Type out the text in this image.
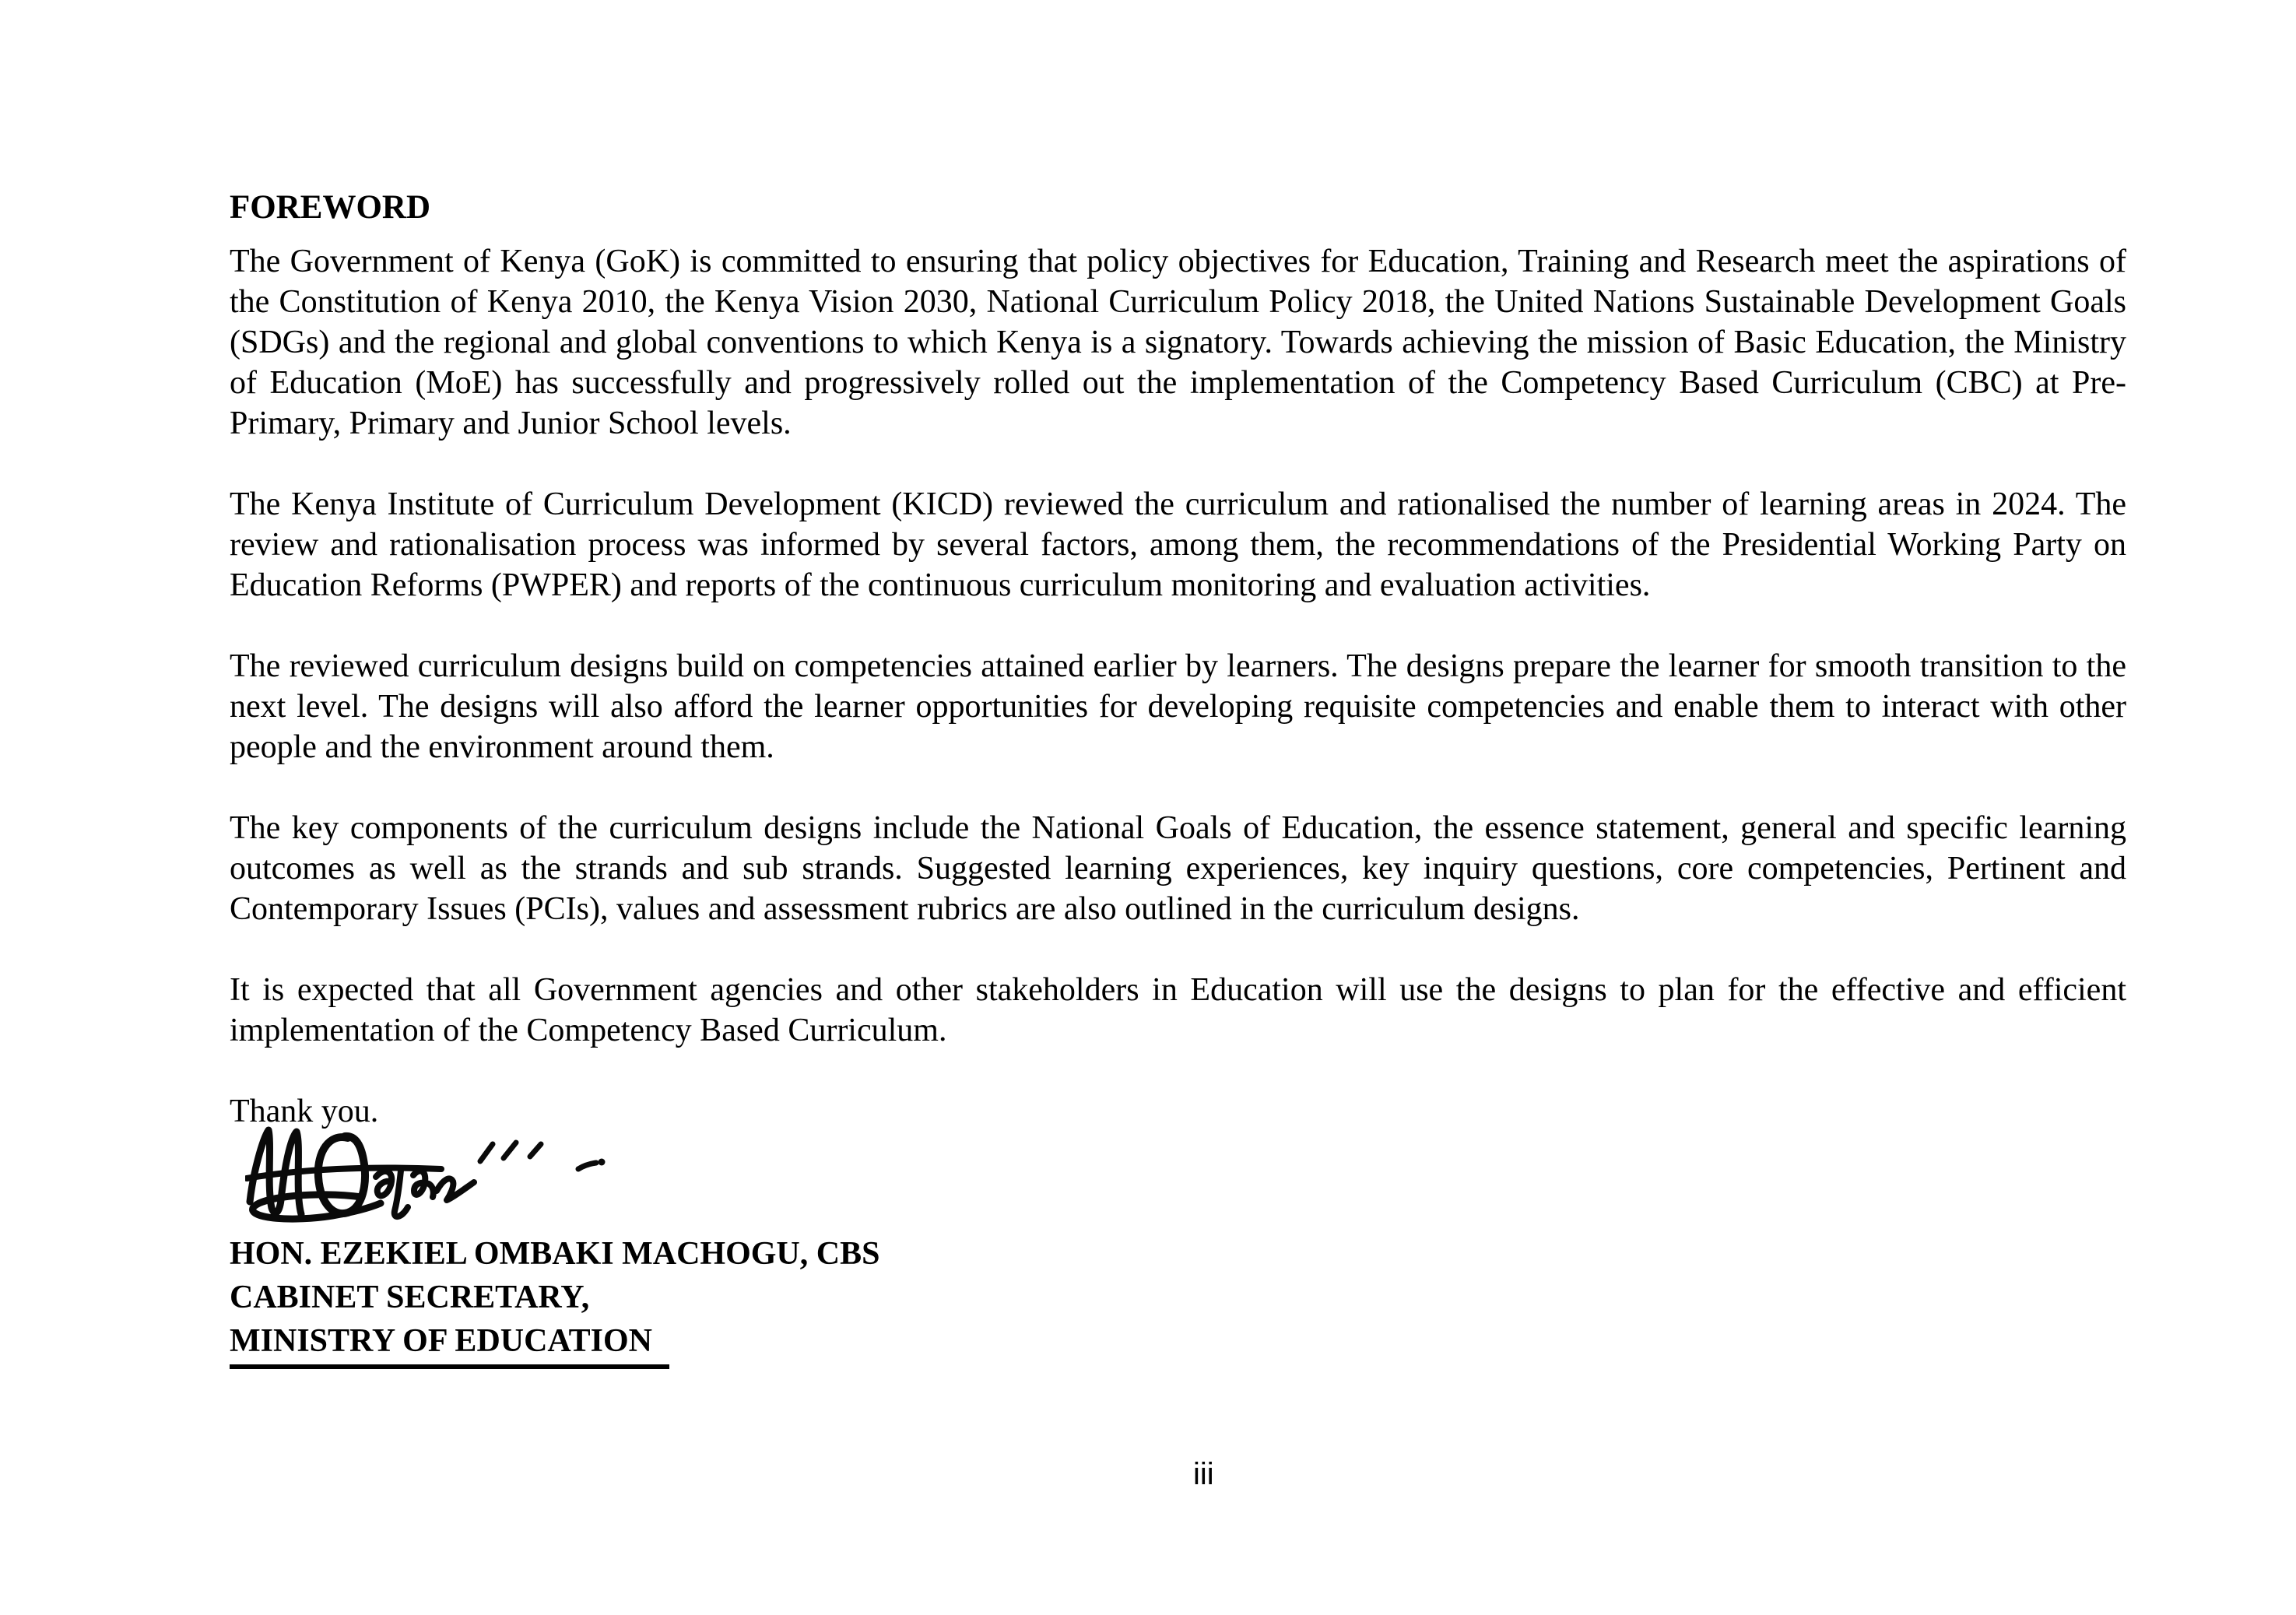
FOREWORD

The Government of Kenya (GoK) is committed to ensuring that policy objectives for Education, Training and Research meet the aspirations of the Constitution of Kenya 2010, the Kenya Vision 2030, National Curriculum Policy 2018, the United Nations Sustainable Development Goals (SDGs) and the regional and global conventions to which Kenya is a signatory. Towards achieving the mission of Basic Education, the Ministry of Education (MoE) has successfully and progressively rolled out the implementation of the Competency Based Curriculum (CBC) at Pre-Primary, Primary and Junior School levels.

The Kenya Institute of Curriculum Development (KICD) reviewed the curriculum and rationalised the number of learning areas in 2024. The review and rationalisation process was informed by several factors, among them, the recommendations of the Presidential Working Party on Education Reforms (PWPER) and reports of the continuous curriculum monitoring and evaluation activities.

The reviewed curriculum designs build on competencies attained earlier by learners. The designs prepare the learner for smooth transition to the next level. The designs will also afford the learner opportunities for developing requisite competencies and enable them to interact with other people and the environment around them.

The key components of the curriculum designs include the National Goals of Education, the essence statement, general and specific learning outcomes as well as the strands and sub strands. Suggested learning experiences, key inquiry questions, core competencies, Pertinent and Contemporary Issues (PCIs), values and assessment rubrics are also outlined in the curriculum designs.

It is expected that all Government agencies and other stakeholders in Education will use the designs to plan for the effective and efficient implementation of the Competency Based Curriculum.

Thank you.

HON. EZEKIEL OMBAKI MACHOGU, CBS
CABINET SECRETARY,
MINISTRY OF EDUCATION
iii
